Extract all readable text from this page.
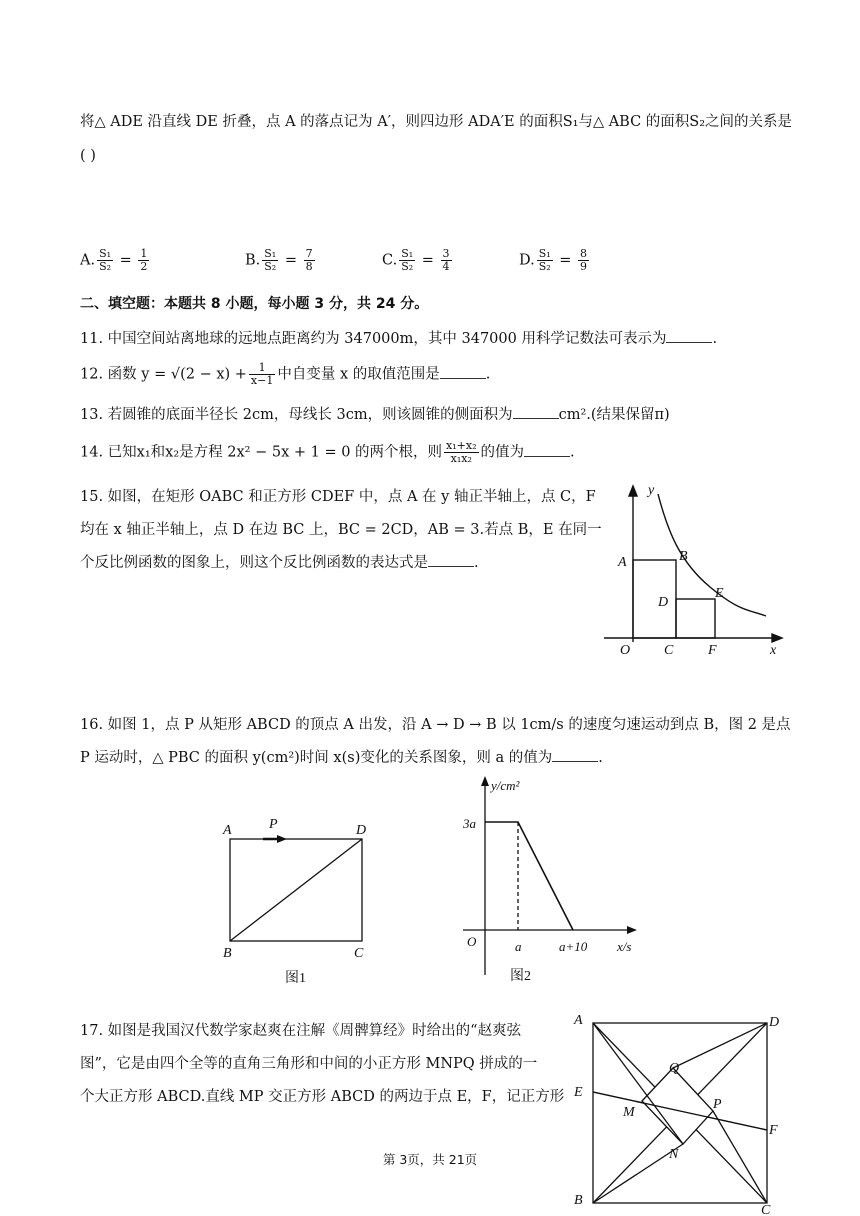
将△ ADE 沿直线 DE 折叠，点 A 的落点记为 A′，则四边形 ADA′E 的面积S₁与△ ABC 的面积S₂之间的关系是
( )
A. $\frac{\text{S₁}}{\text{S₂}} = \frac{1}{2}$	B. $\frac{\text{S₁}}{\text{S₂}} = \frac{7}{8}$	C. $\frac{\text{S₁}}{\text{S₂}} = \frac{3}{4}$	D. $\frac{\text{S₁}}{\text{S₂}} = \frac{8}{9}$
二、填空题：本题共 8 小题，每小题 3 分，共 24 分。
11. 中国空间站离地球的远地点距离约为 347000m，其中 347000 用科学记数法可表示为	.
12. 函数 $y = √(2 - x) + \frac{1}{x-1}$ 中自变量 x 的取值范围是	.
13. 若圆锥的底面半径长 2cm，母线长 3cm，则该圆锥的侧面积为	cm².(结果保留π)
14. 已知x₁和x₂是方程 2x² − 5x + 1 = 0 的两个根，则 $\frac{\text{x₁+x₂}}{\text{x₁x₂}}$ 的值为	.
15. 如图，在矩形 OABC 和正方形 CDEF 中，点 A 在 y 轴正半轴上，点 C，F
均在 x 轴正半轴上，点 D 在边 BC 上，BC = 2CD，AB = 3.若点 B，E 在同一
个反比例函数的图象上，则这个反比例函数的表达式是	.
y
O
A	B
D
E
C F	x
16. 如图 1，点 P 从矩形 ABCD 的顶点 A 出发，沿 A → D → B 以 1cm/s 的速度匀速运动到点 B，图 2 是点
P 运动时，△ PBC 的面积 y(cm²)时间 x(s)变化的关系图象，则 a 的值为	.
A	P	D
B	C
图1
y/cm²
3a
O	a	a+10 x/s
图2
17. 如图是我国汉代数学家赵爽在注解《周髀算经》时给出的“赵爽弦
图”，它是由四个全等的直角三角形和中间的小正方形 MNPQ 拼成的一
个大正方形 ABCD.直线 MP 交正方形 ABCD 的两边于点 E，F，记正方形
A	D
E
F
Q
M
P
N
B
C
第 3页，共 21页
